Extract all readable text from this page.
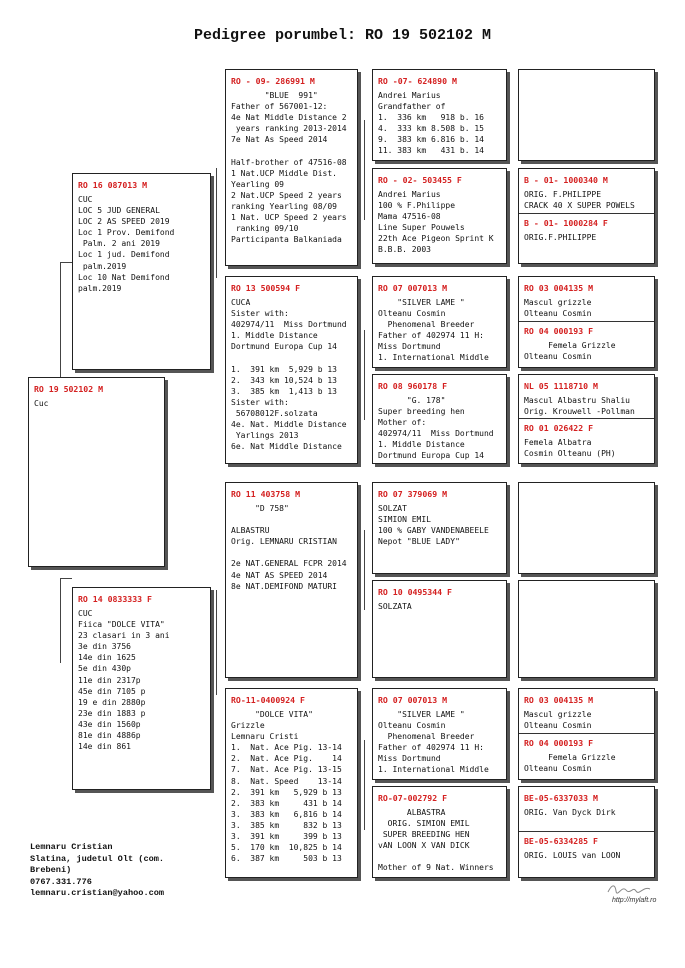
Pedigree porumbel: RO 19 502102 M
RO 19 502102 M
Cuc
RO 16 087013 M
CUC
LOC 5 JUD GENERAL
LOC 2 AS SPEED 2019
Loc 1 Prov. Demifond
Palm. 2 ani 2019
Loc 1 jud. Demifond
palm.2019
Loc 10 Nat Demifond
palm.2019
RO 14 0833333 F
CUC
Fiica "DOLCE VITA"
23 clasari in 3 ani
3e din 3756
14e din 1625
5e din 430p
11e din 2317p
45e din 7105 p
19 e din 2880p
23e din 1883 p
43e din 1560p
81e din 4886p
14e din 861
RO - 09- 286991 M
"BLUE  991"
Father of 567001-12:
4e Nat Middle Distance 2
years ranking 2013-2014
7e Nat As Speed 2014

Half-brother of 47516-08
1 Nat.UCP Middle Dist.
Yearling 09
2 Nat.UCP Speed 2 years
ranking Yearling 08/09
1 Nat. UCP Speed 2 years
ranking 09/10
Participanta Balkaniada
RO 13 500594 F
CUCA
Sister with:
402974/11  Miss Dortmund
1. Middle Distance
Dortmund Europa Cup 14

1.  391 km  5,929 b 13
2.  343 km 10,524 b 13
3.  385 km  1,413 b 13
Sister with:
56708012F.solzata
4e. Nat. Middle Distance
Yarlings 2013
6e. Nat Middle Distance
RO 11 403758 M
"D 758"

ALBASTRU
Orig. LEMNARU CRISTIAN

2e NAT.GENERAL FCPR 2014
4e NAT AS SPEED 2014
8e NAT.DEMIFOND MATURI
RO-11-0400924 F
"DOLCE VITA"
Grizzle
Lemnaru Cristi
1.  Nat. Ace Pig. 13-14
2.  Nat. Ace Pig.    14
7.  Nat. Ace Pig. 13-15
8.  Nat. Speed    13-14
2.  391 km   5,929 b 13
2.  383 km     431 b 14
3.  383 km   6,816 b 14
3.  385 km     832 b 13
3.  391 km     399 b 13
5.  170 km  10,825 b 14
6.  387 km     503 b 13
RO -07- 624890 M
Andrei Marius
Grandfather of
1.  336 km   918 b. 16
4.  333 km 8.508 b. 15
9.  383 km 6.816 b. 14
11. 383 km   431 b. 14
RO - 02- 503455 F
Andrei Marius
100 % F.Philippe
Mama 47516-08
Line Super Pouwels
22th Ace Pigeon Sprint K
B.B.B. 2003
RO 07 007013 M
"SILVER LAME "
Olteanu Cosmin
Phenomenal Breeder
Father of 402974 11 H:
Miss Dortmund
1. International Middle
RO 08 960178 F
"G. 178"
Super breeding hen
Mother of:
402974/11  Miss Dortmund
1. Middle Distance
Dortmund Europa Cup 14
RO 07 379069 M
SOLZAT
SIMION EMIL
100 % GABY VANDENABEELE
Nepot "BLUE LADY"
RO 10 0495344 F
SOLZATA
RO 07 007013 M
"SILVER LAME "
Olteanu Cosmin
Phenomenal Breeder
Father of 402974 11 H:
Miss Dortmund
1. International Middle
RO-07-002792 F
ALBASTRA
ORIG. SIMION EMIL
SUPER BREEDING HEN
vAN LOON X VAN DICK

Mother of 9 Nat. Winners
B - 01- 1000340 M
ORIG. F.PHILIPPE
CRACK 40 X SUPER POWELS
B - 01- 1000284 F
ORIG.F.PHILIPPE
RO 03 004135 M
Mascul grizzle
Olteanu Cosmin
RO 04 000193 F
Femela Grizzle
Olteanu Cosmin
NL 05 1118710 M
Mascul Albastru Shaliu
Orig. Krouwell -Pollman
RO 01 026422 F
Femela Albatra
Cosmin Olteanu (PH)
RO 03 004135 M
Mascul grizzle
Olteanu Cosmin
RO 04 000193 F
Femela Grizzle
Olteanu Cosmin
BE-05-6337033 M
ORIG. Van Dyck Dirk
BE-05-6334285 F
ORIG. LOUIS van LOON
Lemnaru Cristian
Slatina, judetul Olt (com.
Brebeni)
0767.331.776
lemnaru.cristian@yahoo.com
http://mylaft.ro
